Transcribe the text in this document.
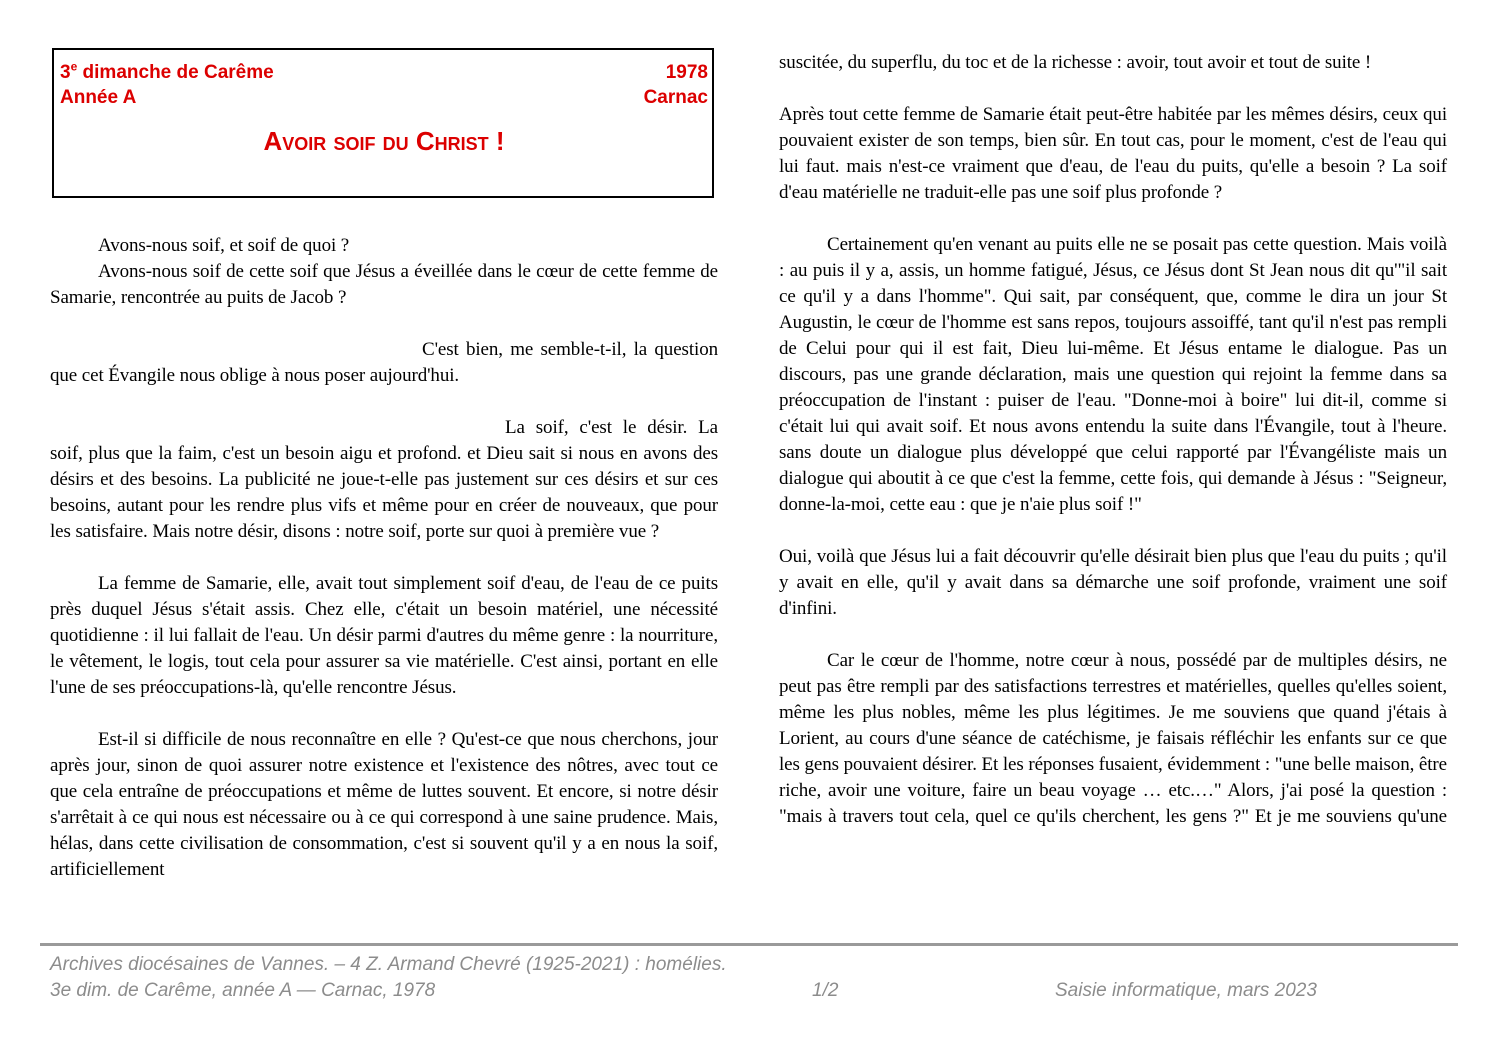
3e dimanche de Carême
Année A
1978
Carnac
Avoir soif du Christ !

Avons-nous soif, et soif de quoi ?

Avons-nous soif de cette soif que Jésus a éveillée dans le cœur de cette femme de Samarie, rencontrée au puits de Jacob ?

C'est bien, me semble-t-il, la question que cet Évangile nous oblige à nous poser aujourd'hui.

La soif, c'est le désir. La soif, plus que la faim, c'est un besoin aigu et profond. et Dieu sait si nous en avons des désirs et des besoins. La publicité ne joue-t-elle pas justement sur ces désirs et sur ces besoins, autant pour les rendre plus vifs et même pour en créer de nouveaux, que pour les satisfaire. Mais notre désir, disons : notre soif, porte sur quoi à première vue ?

La femme de Samarie, elle, avait tout simplement soif d'eau, de l'eau de ce puits près duquel Jésus s'était assis. Chez elle, c'était un besoin matériel, une nécessité quotidienne : il lui fallait de l'eau. Un désir parmi d'autres du même genre : la nourriture, le vêtement, le logis, tout cela pour assurer sa vie matérielle. C'est ainsi, portant en elle l'une de ses préoccupations-là, qu'elle rencontre Jésus.

Est-il si difficile de nous reconnaître en elle ? Qu'est-ce que nous cherchons, jour après jour, sinon de quoi assurer notre existence et l'existence des nôtres, avec tout ce que cela entraîne de préoccupations et même de luttes souvent. Et encore, si notre désir s'arrêtait à ce qui nous est nécessaire ou à ce qui correspond à une saine prudence. Mais, hélas, dans cette civilisation de consommation, c'est si souvent qu'il y a en nous la soif, artificiellement

suscitée, du superflu, du toc et de la richesse : avoir, tout avoir et tout de suite !

Après tout cette femme de Samarie était peut-être habitée par les mêmes désirs, ceux qui pouvaient exister de son temps, bien sûr. En tout cas, pour le moment, c'est de l'eau qui lui faut. mais n'est-ce vraiment que d'eau, de l'eau du puits, qu'elle a besoin ? La soif d'eau matérielle ne traduit-elle pas une soif plus profonde ?

Certainement qu'en venant au puits elle ne se posait pas cette question. Mais voilà : au puis il y a, assis, un homme fatigué, Jésus, ce Jésus dont St Jean nous dit qu'"il sait ce qu'il y a dans l'homme". Qui sait, par conséquent, que, comme le dira un jour St Augustin, le cœur de l'homme est sans repos, toujours assoiffé, tant qu'il n'est pas rempli de Celui pour qui il est fait, Dieu lui-même. Et Jésus entame le dialogue. Pas un discours, pas une grande déclaration, mais une question qui rejoint la femme dans sa préoccupation de l'instant : puiser de l'eau. "Donne-moi à boire" lui dit-il, comme si c'était lui qui avait soif. Et nous avons entendu la suite dans l'Évangile, tout à l'heure. sans doute un dialogue plus développé que celui rapporté par l'Évangéliste mais un dialogue qui aboutit à ce que c'est la femme, cette fois, qui demande à Jésus : "Seigneur, donne-la-moi, cette eau : que je n'aie plus soif !"

Oui, voilà que Jésus lui a fait découvrir qu'elle désirait bien plus que l'eau du puits ; qu'il y avait en elle, qu'il y avait dans sa démarche une soif profonde, vraiment une soif d'infini.

Car le cœur de l'homme, notre cœur à nous, possédé par de multiples désirs, ne peut pas être rempli par des satisfactions terrestres et matérielles, quelles qu'elles soient, même les plus nobles, même les plus légitimes. Je me souviens que quand j'étais à Lorient, au cours d'une séance de catéchisme, je faisais réfléchir les enfants sur ce que les gens pouvaient désirer. Et les réponses fusaient, évidemment : "une belle maison, être riche, avoir une voiture, faire un beau voyage … etc.…" Alors, j'ai posé la question : "mais à travers tout cela, quel ce qu'ils cherchent, les gens ?" Et je me souviens qu'une

Archives diocésaines de Vannes. – 4 Z. Armand Chevré (1925-2021) : homélies.
3e dim. de Carême, année A — Carnac, 1978	1/2	Saisie informatique, mars 2023
